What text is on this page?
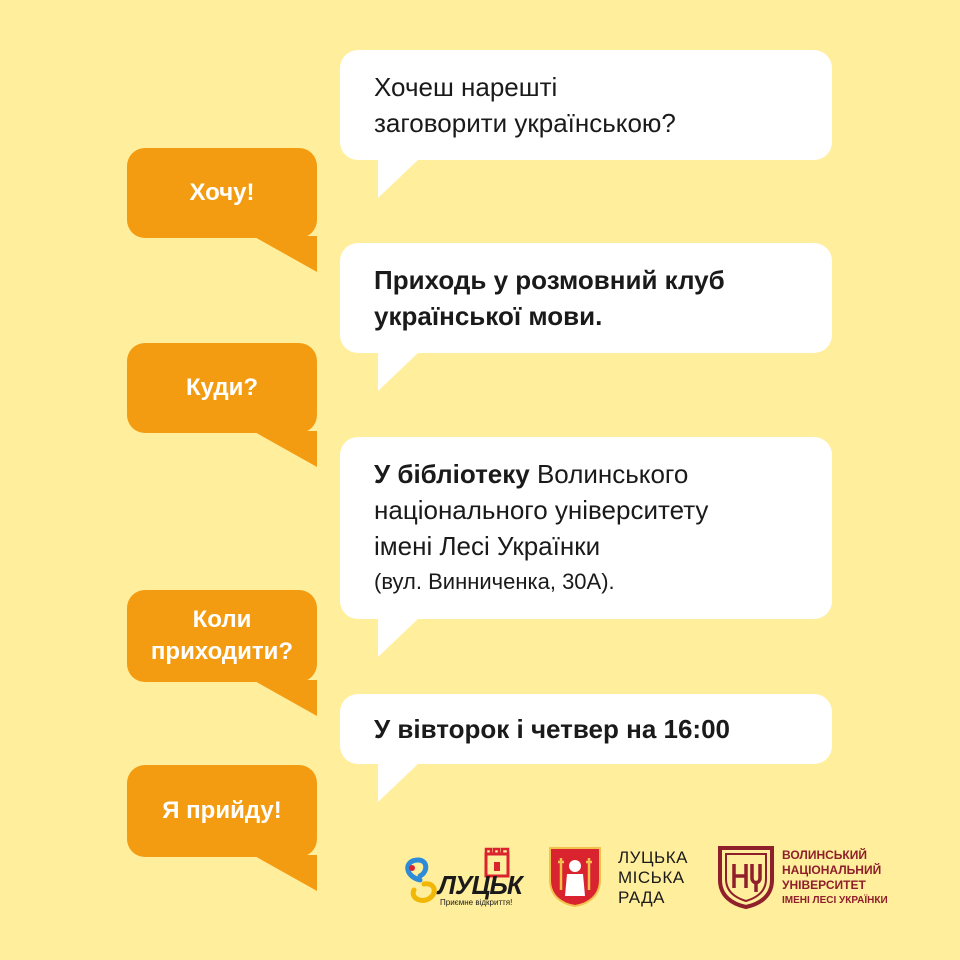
Хочеш нарешті
заговорити українською?
Хочу!
Приходь у розмовний клуб
української мови.
Куди?
У бібліотеку Волинського
національного університету
імені Лесі Українки
(вул. Винниченка, 30А).
Коли
приходити?
У вівторок і четвер на 16:00
Я прийду!
ЛУЦЬК
Приємне відкриття!
ЛУЦЬКА
МІСЬКА
РАДА
ВОЛИНСЬКИЙ
НАЦІОНАЛЬНИЙ
УНІВЕРСИТЕТ
ІМЕНІ ЛЕСІ УКРАЇНКИ
